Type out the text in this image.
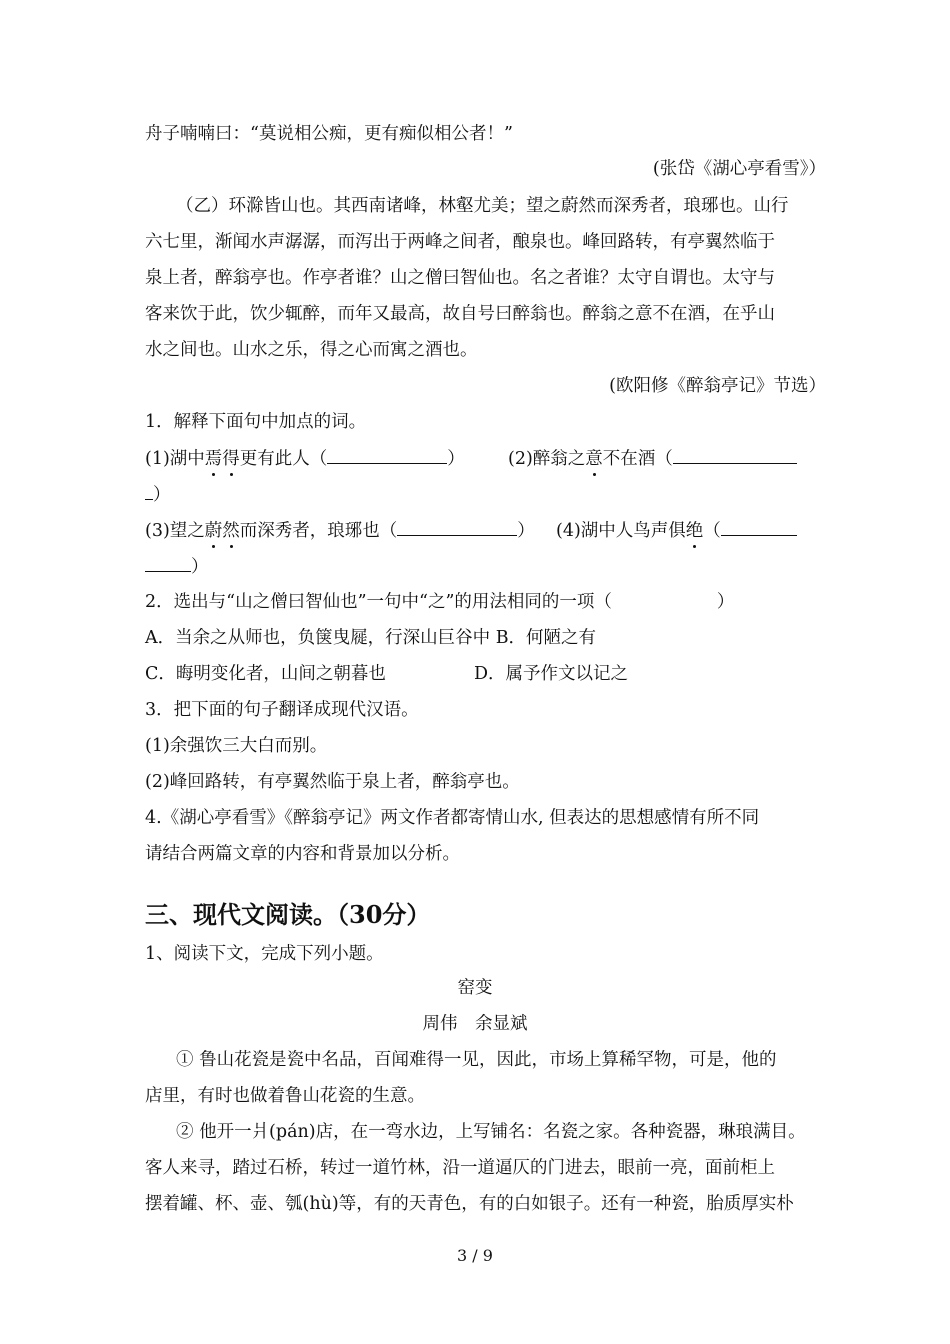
舟子喃喃曰：“莫说相公痴，更有痴似相公者！”
(张岱《湖心亭看雪》）
（乙）环滁皆山也。其西南诸峰，林壑尤美；望之蔚然而深秀者，琅琊也。山行
六七里，渐闻水声潺潺，而泻出于两峰之间者，酿泉也。峰回路转，有亭翼然临于
泉上者，醉翁亭也。作亭者谁？山之僧曰智仙也。名之者谁？太守自谓也。太守与
客来饮于此，饮少辄醉，而年又最高，故自号曰醉翁也。醉翁之意不在酒，在乎山
水之间也。山水之乐，得之心而寓之酒也。
(欧阳修《醉翁亭记》节选）
1．解释下面句中加点的词。
(1)湖中焉得更有此人（	） (2)醉翁之意不在酒（
）
(3)望之蔚然而深秀者，琅琊也（	） (4)湖中人鸟声俱绝（
）
2．选出与“山之僧曰智仙也”一句中“之”的用法相同的一项（　　　　　　）
A．当余之从师也，负箧曳屣，行深山巨谷中 B．何陋之有
C．晦明变化者，山间之朝暮也	D．属予作文以记之
3．把下面的句子翻译成现代汉语。
(1)余强饮三大白而别。
(2)峰回路转，有亭翼然临于泉上者，醉翁亭也。
4.《湖心亭看雪》《醉翁亭记》两文作者都寄情山水, 但表达的思想感情有所不同
请结合两篇文章的内容和背景加以分析。
三、现代文阅读。（30分）
1、阅读下文，完成下列小题。
窑变
周伟　余显斌
① 鲁山花瓷是瓷中名品，百闻难得一见，因此，市场上算稀罕物，可是，他的
店里，有时也做着鲁山花瓷的生意。
② 他开一爿(pán)店，在一弯水边，上写铺名：名瓷之家。各种瓷器，琳琅满目。
客人来寻，踏过石桥，转过一道竹林，沿一道逼仄的门进去，眼前一亮，面前柜上
摆着罐、杯、壶、瓠(hù)等，有的天青色，有的白如银子。还有一种瓷，胎质厚实朴
3 / 9
